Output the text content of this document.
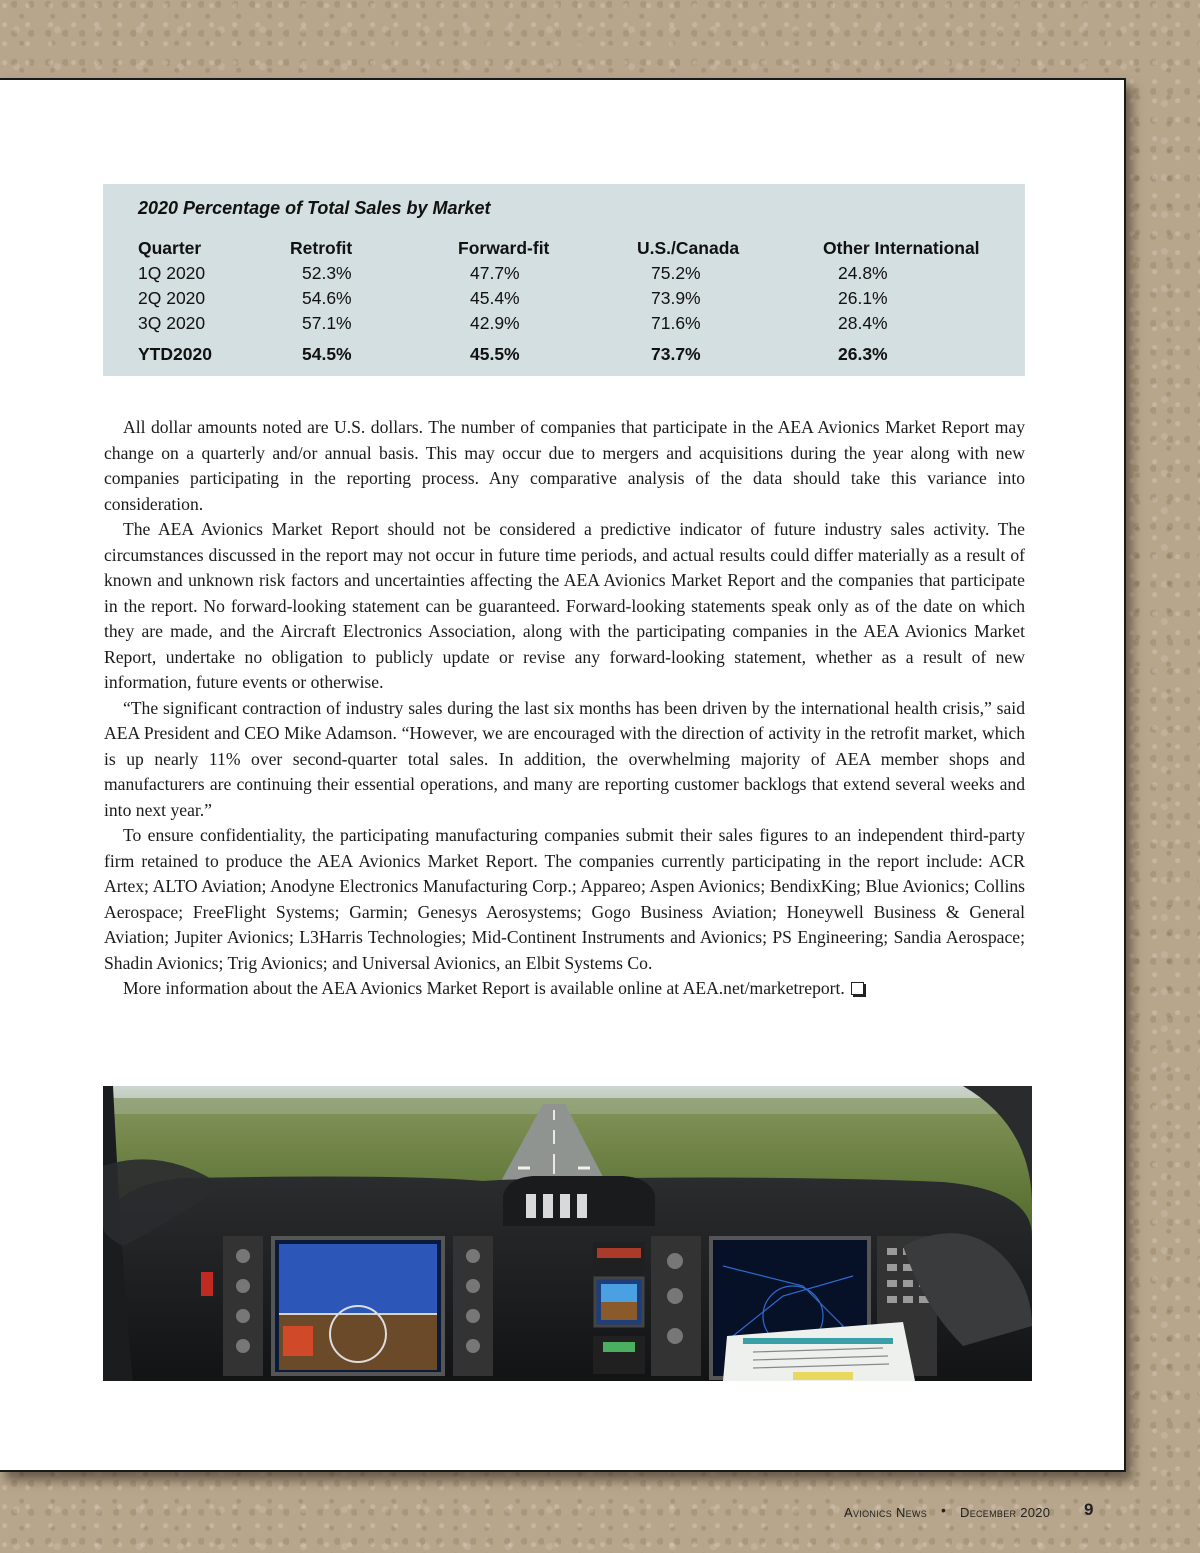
2020 Percentage of Total Sales by Market
Quarter	Retrofit	Forward-fit	U.S./Canada	Other International
1Q 2020	52.3%	47.7%	75.2%	24.8%
2Q 2020	54.6%	45.4%	73.9%	26.1%
3Q 2020	57.1%	42.9%	71.6%	28.4%
YTD2020	54.5%	45.5%	73.7%	26.3%

All dollar amounts noted are U.S. dollars. The number of companies that participate in the AEA Avionics Market Report may change on a quarterly and/or annual basis. This may occur due to mergers and acquisitions during the year along with new companies participating in the reporting process. Any comparative analysis of the data should take this variance into consideration.

The AEA Avionics Market Report should not be considered a predictive indicator of future industry sales activity. The circumstances discussed in the report may not occur in future time periods, and actual results could differ materially as a result of known and unknown risk factors and uncertainties affecting the AEA Avionics Market Report and the companies that participate in the report. No forward-looking statement can be guaranteed. Forward-looking statements speak only as of the date on which they are made, and the Aircraft Electronics Association, along with the participating companies in the AEA Avionics Market Report, undertake no obligation to publicly update or revise any forward-looking statement, whether as a result of new information, future events or otherwise.

“The significant contraction of industry sales during the last six months has been driven by the international health crisis,” said AEA President and CEO Mike Adamson. “However, we are encouraged with the direction of activity in the retrofit market, which is up nearly 11% over second-quarter total sales. In addition, the overwhelming majority of AEA member shops and manufacturers are continuing their essential operations, and many are reporting customer backlogs that extend several weeks and into next year.”

To ensure confidentiality, the participating manufacturing companies submit their sales figures to an independent third-party firm retained to produce the AEA Avionics Market Report. The companies currently participating in the report include: ACR Artex; ALTO Aviation; Anodyne Electronics Manufacturing Corp.; Appareo; Aspen Avionics; BendixKing; Blue Avionics; Collins Aerospace; FreeFlight Systems; Garmin; Genesys Aerosystems; Gogo Business Aviation; Honeywell Business & General Aviation; Jupiter Avionics; L3Harris Technologies; Mid-Continent Instruments and Avionics; PS Engineering; Sandia Aerospace; Shadin Avionics; Trig Avionics; and Universal Avionics, an Elbit Systems Co.

More information about the AEA Avionics Market Report is available online at AEA.net/marketreport.

Avionics News • December 2020 9
